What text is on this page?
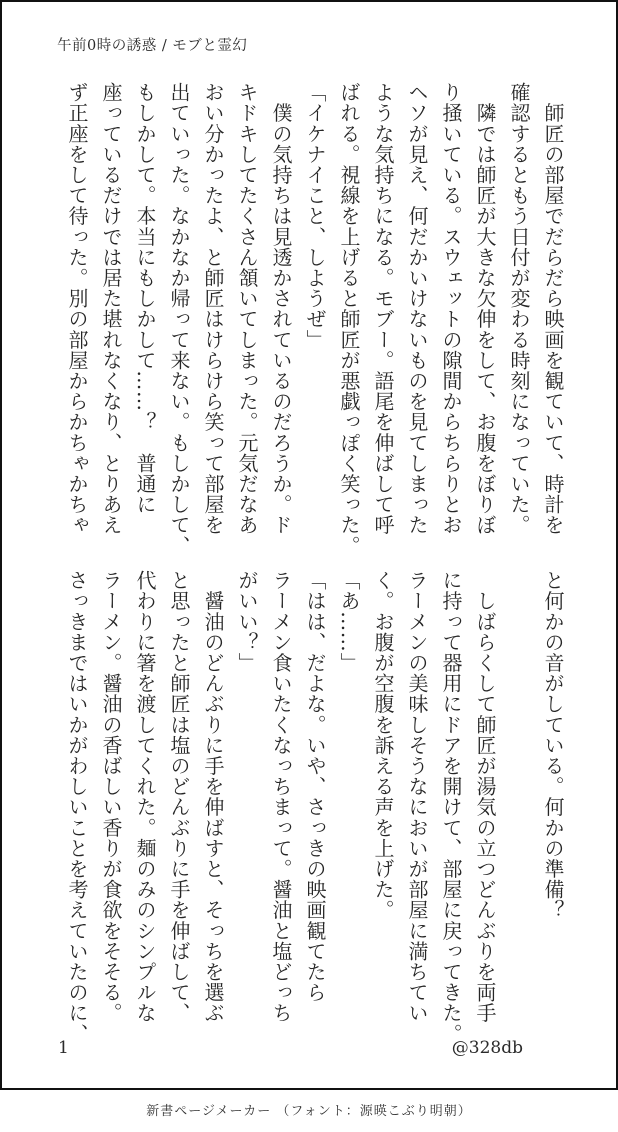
午前0時の誘惑 / モブと霊幻
　師匠の部屋でだらだら映画を観ていて、時計を
確認するともう日付が変わる時刻になっていた。
　隣では師匠が大きな欠伸をして、お腹をぼりぼ
り掻いている。スウェットの隙間からちらりとお
ヘソが見え、何だかいけないものを見てしまった
ような気持ちになる。モブー。語尾を伸ばして呼
ばれる。視線を上げると師匠が悪戯っぽく笑った。
「イケナイこと、しようぜ」
　僕の気持ちは見透かされているのだろうか。ド
キドキしてたくさん頷いてしまった。元気だなあ
おい分かったよ、と師匠はけらけら笑って部屋を
出ていった。なかなか帰って来ない。もしかして、
もしかして。本当にもしかして……？　普通に
座っているだけでは居た堪れなくなり、とりあえ
ず正座をして待った。別の部屋からかちゃかちゃ
と何かの音がしている。何かの準備？
　しばらくして師匠が湯気の立つどんぶりを両手
に持って器用にドアを開けて、部屋に戻ってきた。
ラーメンの美味しそうなにおいが部屋に満ちてい
く。お腹が空腹を訴える声を上げた。
「あ……」
「はは、だよな。いや、さっきの映画観てたら
ラーメン食いたくなっちまって。醤油と塩どっち
がいい？」
　醤油のどんぶりに手を伸ばすと、そっちを選ぶ
と思ったと師匠は塩のどんぶりに手を伸ばして、
代わりに箸を渡してくれた。麺のみのシンプルな
ラーメン。醤油の香ばしい香りが食欲をそそる。
さっきまではいかがわしいことを考えていたのに、
1	@328db
新書ページメーカー （フォント：源暎こぶり明朝）
